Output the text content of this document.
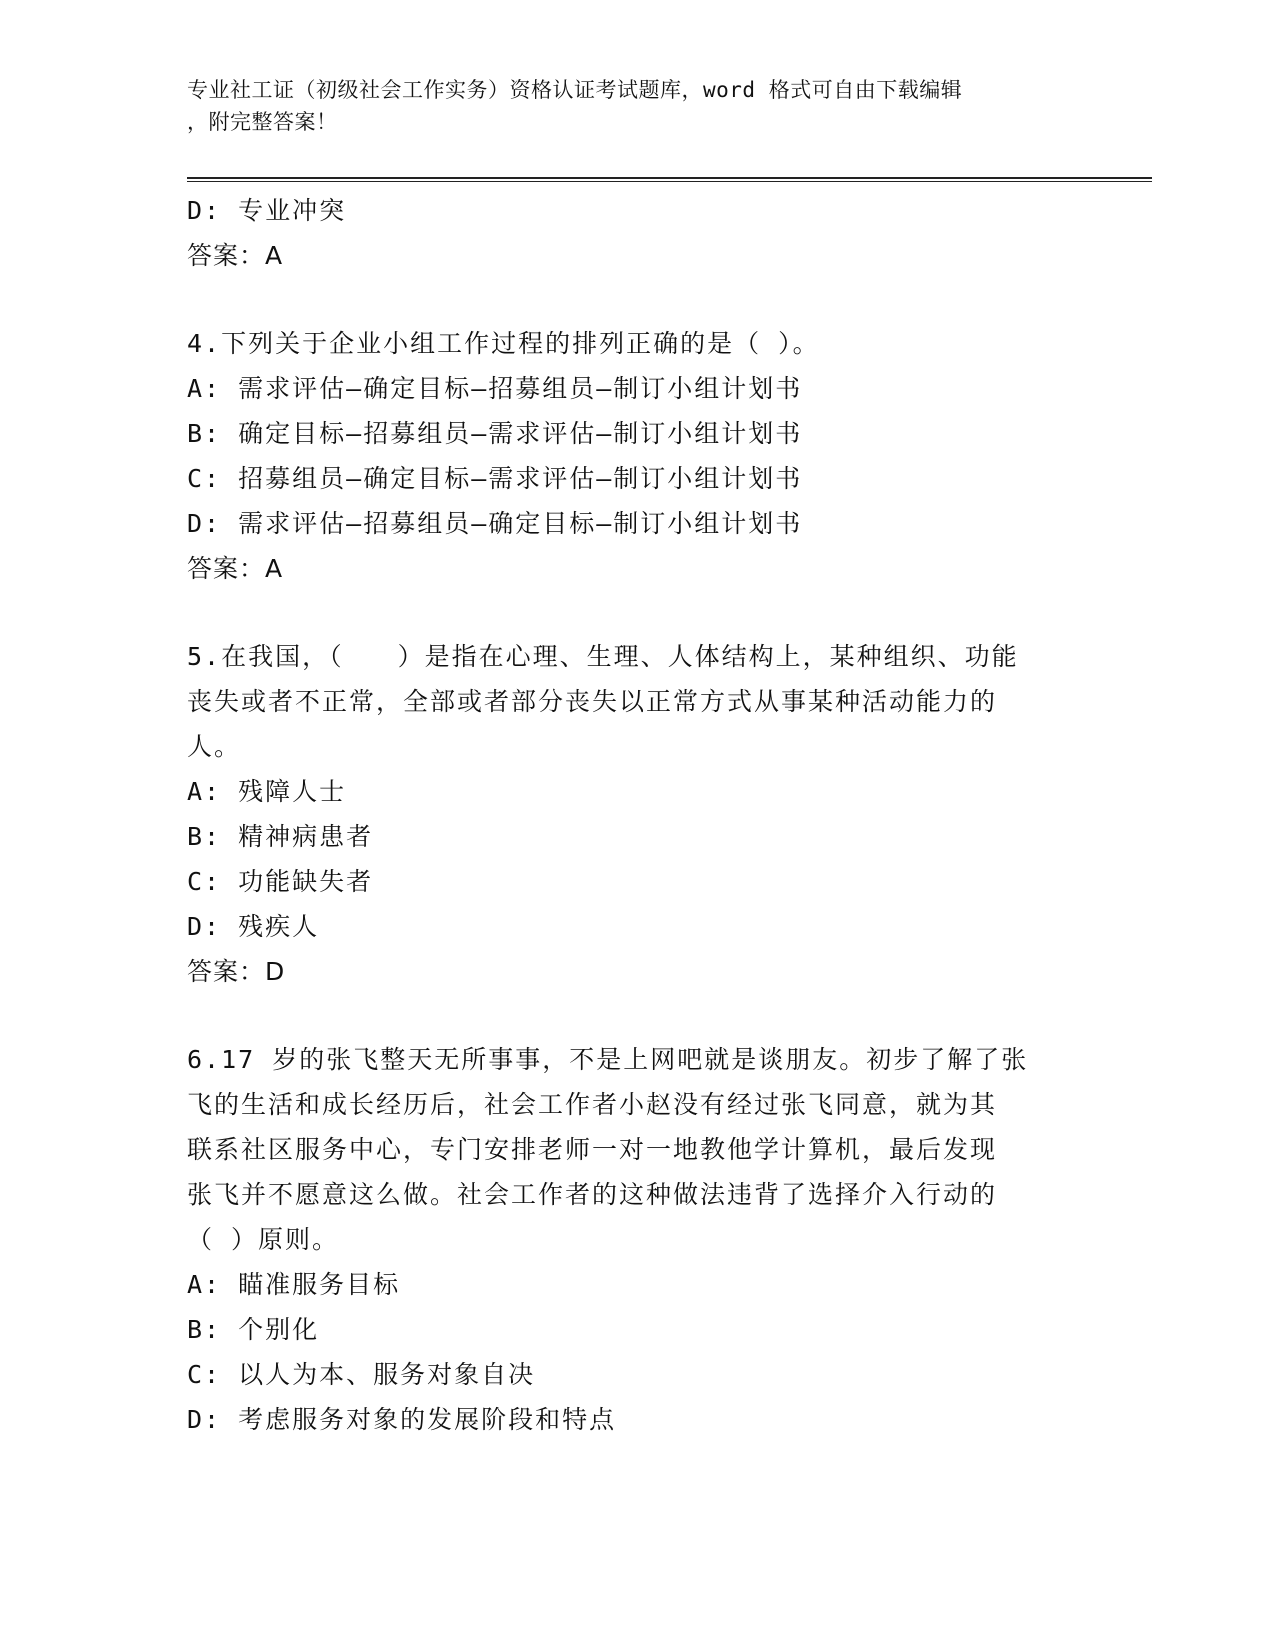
专业社工证（初级社会工作实务）资格认证考试题库，word 格式可自由下载编辑
，附完整答案！
D: 专业冲突
答案：A
4.下列关于企业小组工作过程的排列正确的是（ ）。
A: 需求评估—确定目标—招募组员—制订小组计划书
B: 确定目标—招募组员—需求评估—制订小组计划书
C: 招募组员—确定目标—需求评估—制订小组计划书
D: 需求评估—招募组员—确定目标—制订小组计划书
答案：A
5.在我国，（　　）是指在心理、生理、人体结构上，某种组织、功能
丧失或者不正常，全部或者部分丧失以正常方式从事某种活动能力的
人。
A: 残障人士
B: 精神病患者
C: 功能缺失者
D: 残疾人
答案：D
6.17 岁的张飞整天无所事事，不是上网吧就是谈朋友。初步了解了张
飞的生活和成长经历后，社会工作者小赵没有经过张飞同意，就为其
联系社区服务中心，专门安排老师一对一地教他学计算机，最后发现
张飞并不愿意这么做。社会工作者的这种做法违背了选择介入行动的
（ ）原则。
A: 瞄准服务目标
B: 个别化
C: 以人为本、服务对象自决
D: 考虑服务对象的发展阶段和特点
